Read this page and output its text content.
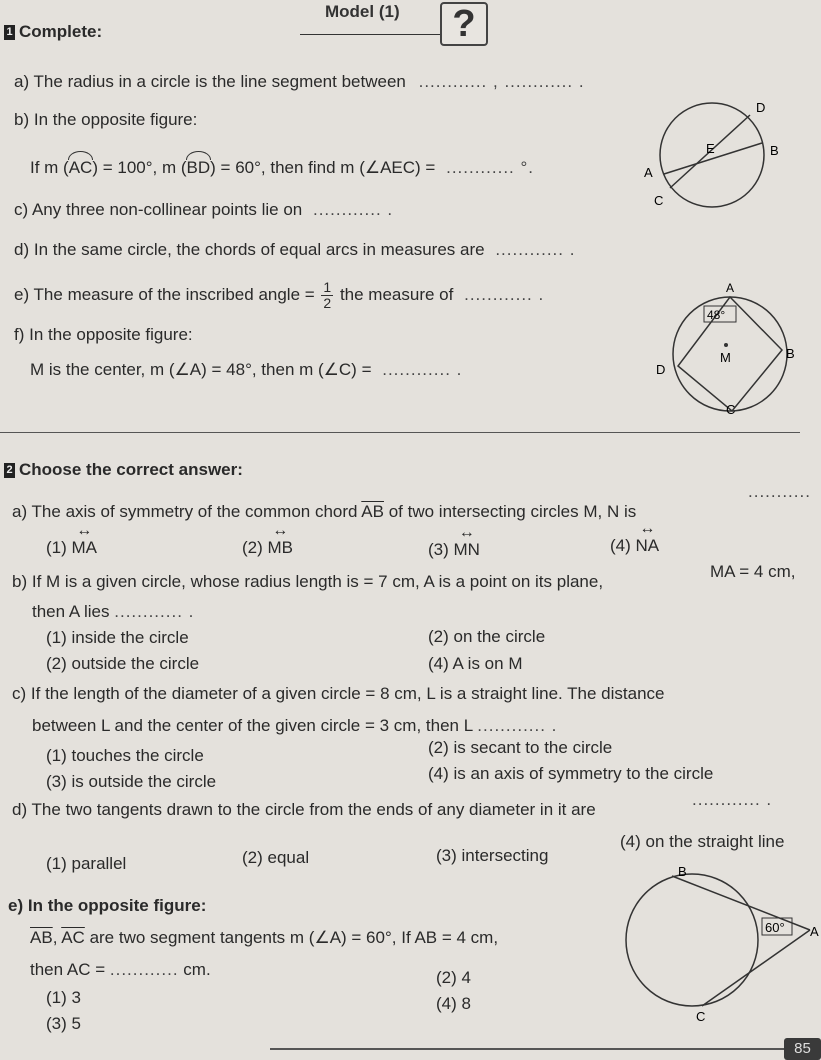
Model (1) ?
1 Complete:
a) The radius in a circle is the line segment between ............ , ............ .
b) In the opposite figure:
If m (AC) = 100°, m (BD) = 60°, then find m (∠AEC) = ............ °.
D
E	B
A
C
c) Any three non-collinear points lie on ............ .
d) In the same circle, the chords of equal arcs in measures are ............ .
e) The measure of the inscribed angle = $\frac{1}{2}$ the measure of ............ .
f) In the opposite figure:
M is the center, m (∠A) = 48°, then m (∠C) = ............ .
48°
M
A
B
D
C
2 Choose the correct answer:
a) The axis of symmetry of the common chord $\overline{AB}$ of two intersecting circles M, N is
...........
(1) ↔ MA	(2) ↔ MB	(3) ↔ MN	(4) ↔ NA
b) If M is a given circle, whose radius length is = 7 cm, A is a point on its plane,
MA = 4 cm,
then A lies ............ .
(1) inside the circle	(2) on the circle
(2) outside the circle	(4) A is on M
c) If the length of the diameter of a given circle = 8 cm, L is a straight line. The distance
between L and the center of the given circle = 3 cm, then L ............ .
(1) touches the circle	(2) is secant to the circle
(3) is outside the circle	(4) is an axis of symmetry to the circle
d) The two tangents drawn to the circle from the ends of any diameter in it are
............ .
(1) parallel	(2) equal	(3) intersecting
(4) on the straight line
e) In the opposite figure:
$\overline{AB}$, $\overline{AC}$ are two segment tangents m (∠A) = 60°, If AB = 4 cm,
then AC = ............ cm.
(1) 3
(2) 4
(3) 5
(4) 8
60°
B
A
C
85
